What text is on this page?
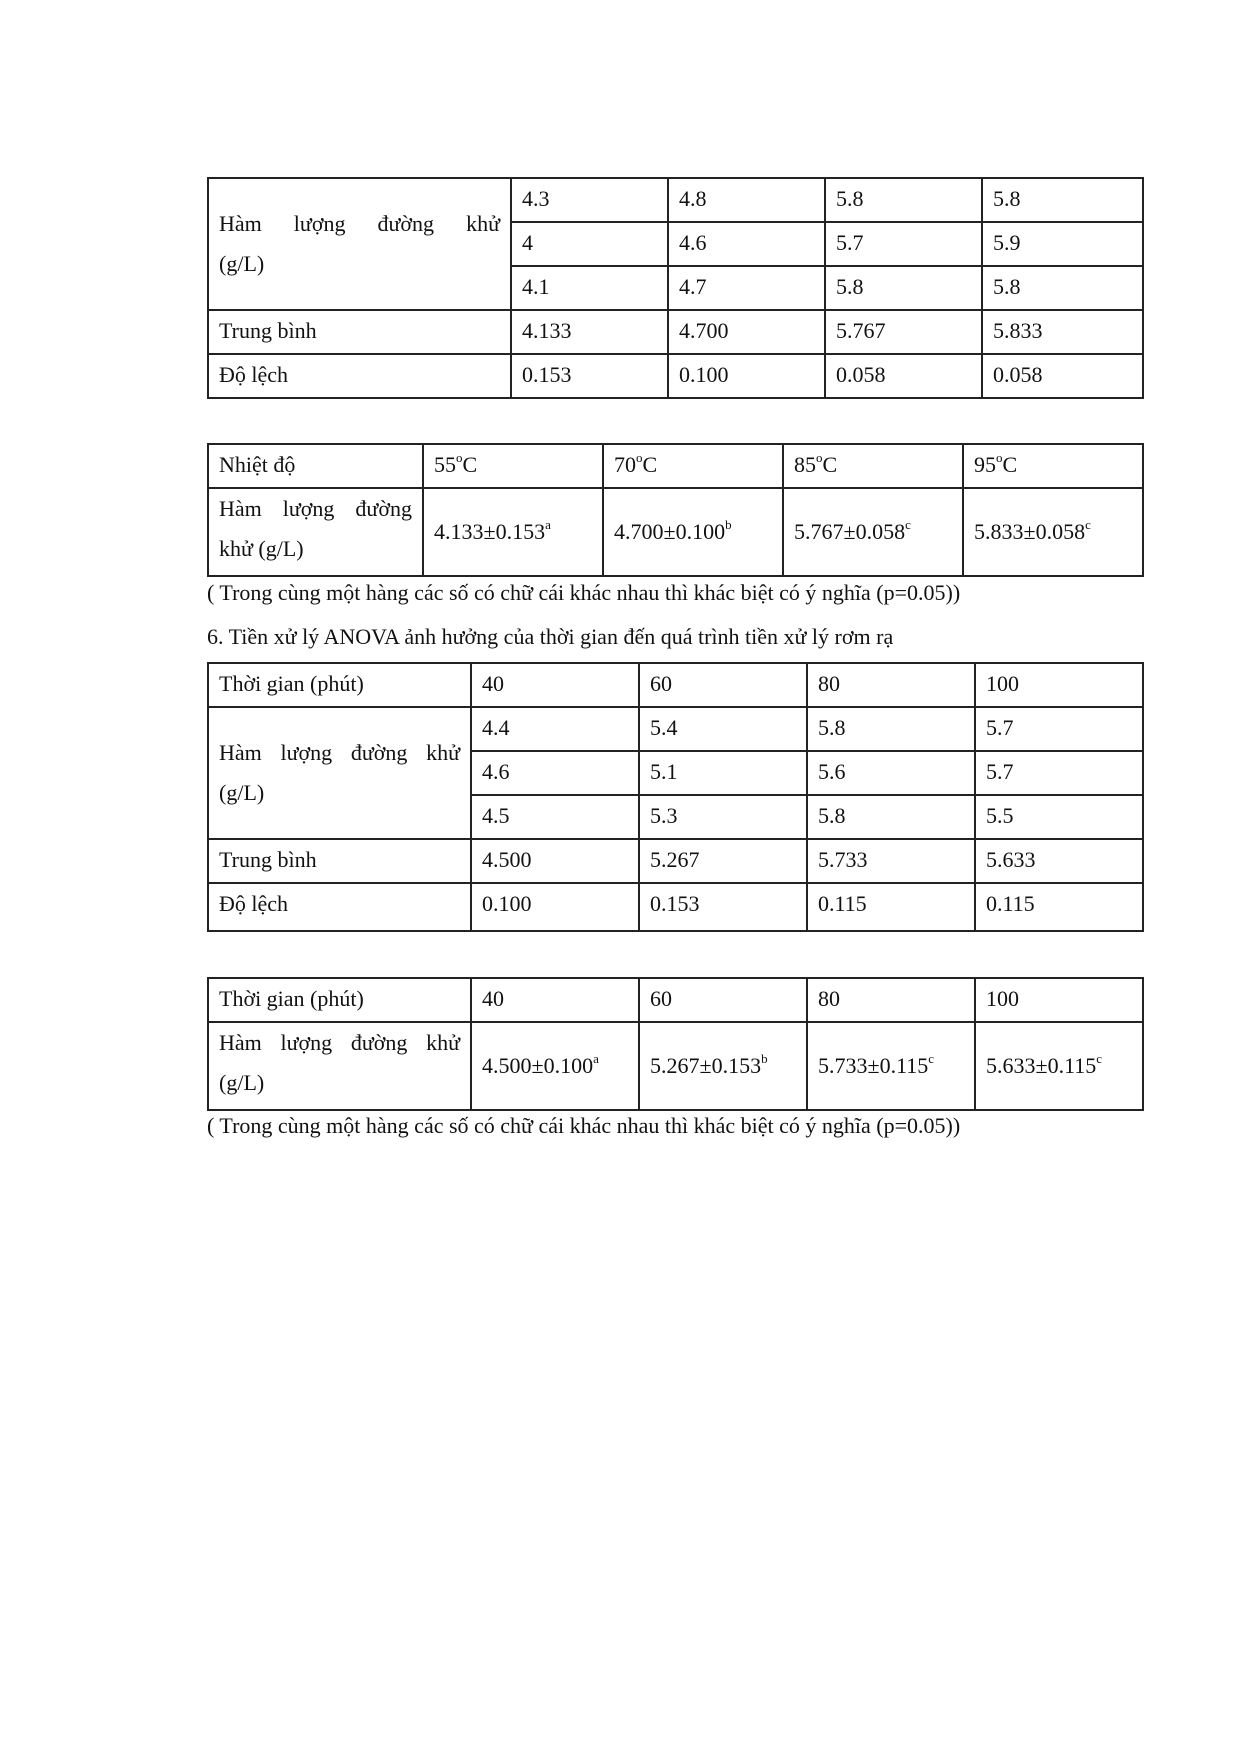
Hàm lượng đường khử
(g/L)	4.3	4.8	5.8	5.8
	4	4.6	5.7	5.9
	4.1	4.7	5.8	5.8
Trung bình	4.133	4.700	5.767	5.833
Độ lệch	0.153	0.100	0.058	0.058
Nhiệt độ	55$^o$C	70$^o$C	85$^o$C	95$^o$C

Hàm lượng đường
khử (g/L)	4.133±0.153$^a$	4.700±0.100$^b$	5.767±0.058$^c$	5.833±0.058$^c$
( Trong cùng một hàng các số có chữ cái khác nhau thì khác biệt có ý nghĩa (p=0.05))
6. Tiền xử lý ANOVA ảnh hưởng của thời gian đến quá trình tiền xử lý rơm rạ
Thời gian (phút)	40	60	80	100

Hàm lượng đường khử
(g/L)	4.4	5.4	5.8	5.7
	4.6	5.1	5.6	5.7
	4.5	5.3	5.8	5.5
Trung bình	4.500	5.267	5.733	5.633
Độ lệch	0.100	0.153	0.115	0.115
Thời gian (phút)	40	60	80	100

Hàm lượng đường khử
(g/L)	4.500±0.100$^a$	5.267±0.153$^b$	5.733±0.115$^c$	5.633±0.115$^c$
( Trong cùng một hàng các số có chữ cái khác nhau thì khác biệt có ý nghĩa (p=0.05))
